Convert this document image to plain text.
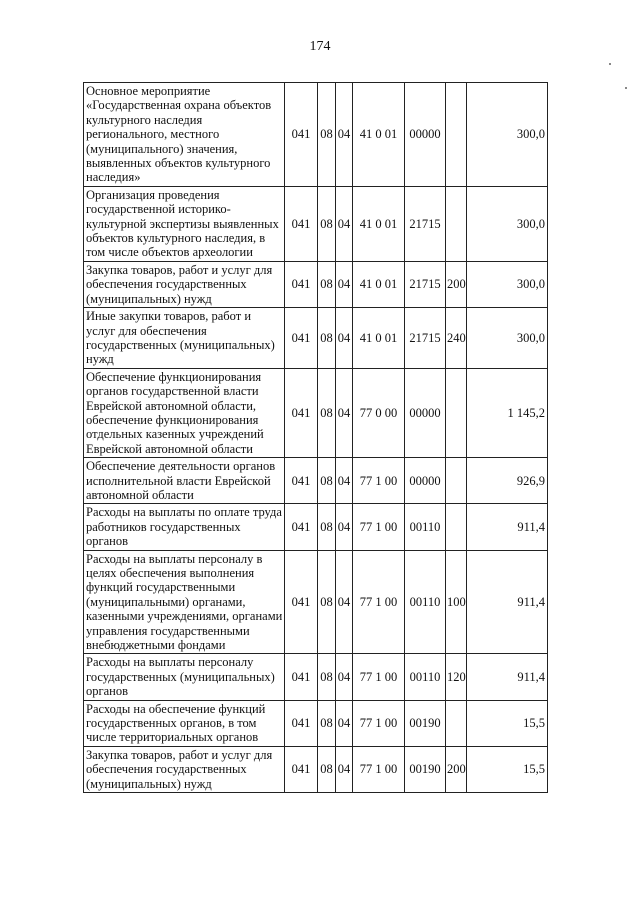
174
Основное мероприятие «Государственная охрана объектов культурного наследия регионального, местного (муниципального) значения, выявленных объектов культурного наследия»	041	08	04	41 0 01	00000		300,0
Организация проведения государственной историко-культурной экспертизы выявленных объектов культурного наследия, в том числе объектов археологии	041	08	04	41 0 01	21715		300,0
Закупка товаров, работ и услуг для обеспечения государственных (муниципальных) нужд	041	08	04	41 0 01	21715	200	300,0
Иные закупки товаров, работ и услуг для обеспечения государственных (муниципальных) нужд	041	08	04	41 0 01	21715	240	300,0
Обеспечение функционирования органов государственной власти Еврейской автономной области, обеспечение функционирования отдельных казенных учреждений Еврейской автономной области	041	08	04	77 0 00	00000		1 145,2
Обеспечение деятельности органов исполнительной власти Еврейской автономной области	041	08	04	77 1 00	00000		926,9
Расходы на выплаты по оплате труда работников государственных органов	041	08	04	77 1 00	00110		911,4
Расходы на выплаты персоналу в целях обеспечения выполнения функций государственными (муниципальными) органами, казенными учреждениями, органами управления государственными внебюджетными фондами	041	08	04	77 1 00	00110	100	911,4
Расходы на выплаты персоналу государственных (муниципальных) органов	041	08	04	77 1 00	00110	120	911,4
Расходы на обеспечение функций государственных органов, в том числе территориальных органов	041	08	04	77 1 00	00190		15,5
Закупка товаров, работ и услуг для обеспечения государственных (муниципальных) нужд	041	08	04	77 1 00	00190	200	15,5
